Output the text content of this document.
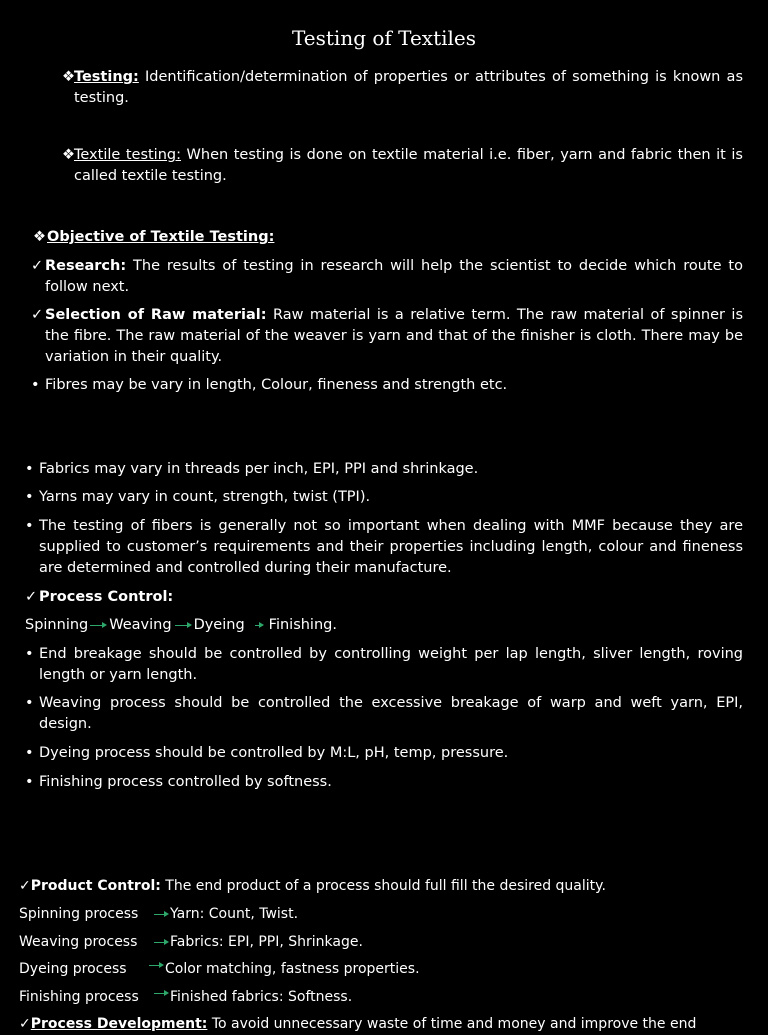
Testing of Textiles
❖ Testing: Identification/determination of properties or attributes of something is known as testing.
❖ Textile testing: When testing is done on textile material i.e. fiber, yarn and fabric then it is called textile testing.
❖ Objective of Textile Testing:
✓ Research: The results of testing in research will help the scientist to decide which route to follow next.
✓ Selection of Raw material: Raw material is a relative term. The raw material of spinner is the fibre. The raw material of the weaver is yarn and that of the finisher is cloth. There may be variation in their quality.
• Fibres may be vary in length, Colour, fineness and strength etc.
• Fabrics may vary in threads per inch, EPI, PPI and shrinkage.
• Yarns may vary in count, strength, twist (TPI).
• The testing of fibers is generally not so important when dealing with MMF because they are supplied to customer’s requirements and their properties including length, colour and fineness are determined and controlled during their manufacture.
✓ Process Control:
Spinning Weaving Dyeing Finishing.
• End breakage should be controlled by controlling weight per lap length, sliver length, roving length or yarn length.
• Weaving process should be controlled the excessive breakage of warp and weft yarn, EPI, design.
• Dyeing process should be controlled by M:L, pH, temp, pressure.
• Finishing process controlled by softness.
✓Product Control: The end product of a process should full fill the desired quality.
Spinning process Yarn: Count, Twist.
Weaving process Fabrics: EPI, PPI, Shrinkage.
Dyeing process	Color matching, fastness properties.
Finishing process Finished fabrics: Softness.
✓Process Development: To avoid unnecessary waste of time and money and improve the end
